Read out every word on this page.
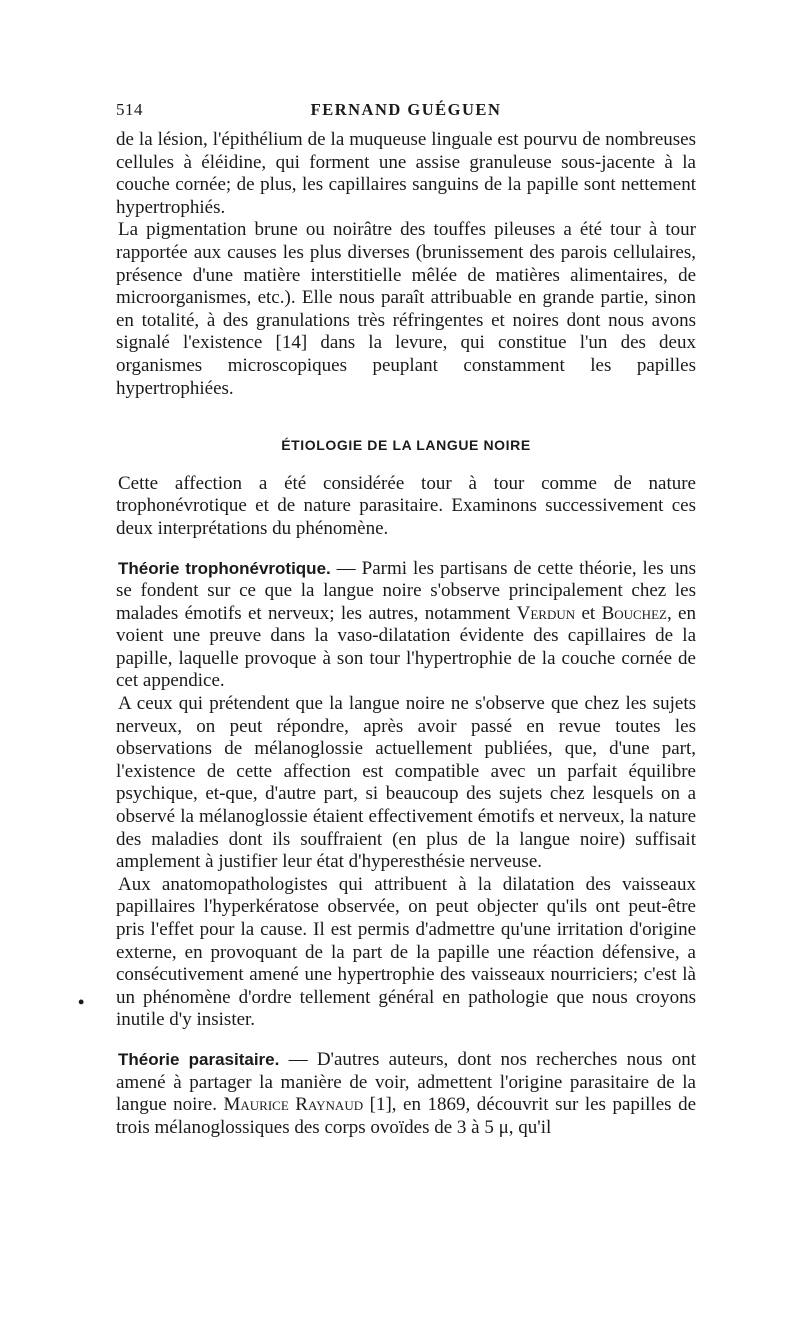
514	FERNAND GUÉGUEN

de la lésion, l'épithélium de la muqueuse linguale est pourvu de nombreuses cellules à éléidine, qui forment une assise granuleuse sous-jacente à la couche cornée; de plus, les capillaires sanguins de la papille sont nettement hypertrophiés.

La pigmentation brune ou noirâtre des touffes pileuses a été tour à tour rapportée aux causes les plus diverses (brunissement des parois cellulaires, présence d'une matière interstitielle mêlée de matières alimentaires, de microorganismes, etc.). Elle nous paraît attribuable en grande partie, sinon en totalité, à des granulations très réfringentes et noires dont nous avons signalé l'existence [14] dans la levure, qui constitue l'un des deux organismes microscopiques peuplant constamment les papilles hypertrophiées.

ÉTIOLOGIE DE LA LANGUE NOIRE

Cette affection a été considérée tour à tour comme de nature trophonévrotique et de nature parasitaire. Examinons successivement ces deux interprétations du phénomène.

Théorie trophonévrotique. — Parmi les partisans de cette théorie, les uns se fondent sur ce que la langue noire s'observe principalement chez les malades émotifs et nerveux; les autres, notamment Verdun et Bouchez, en voient une preuve dans la vaso-dilatation évidente des capillaires de la papille, laquelle provoque à son tour l'hypertrophie de la couche cornée de cet appendice.

A ceux qui prétendent que la langue noire ne s'observe que chez les sujets nerveux, on peut répondre, après avoir passé en revue toutes les observations de mélanoglossie actuellement publiées, que, d'une part, l'existence de cette affection est compatible avec un parfait équilibre psychique, et-que, d'autre part, si beaucoup des sujets chez lesquels on a observé la mélanoglossie étaient effectivement émotifs et nerveux, la nature des maladies dont ils souffraient (en plus de la langue noire) suffisait amplement à justifier leur état d'hyperesthésie nerveuse.

Aux anatomopathologistes qui attribuent à la dilatation des vaisseaux papillaires l'hyperkératose observée, on peut objecter qu'ils ont peut-être pris l'effet pour la cause. Il est permis d'admettre qu'une irritation d'origine externe, en provoquant de la part de la papille une réaction défensive, a consécutivement amené une hypertrophie des vaisseaux nourriciers; c'est là un phénomène d'ordre tellement général en pathologie que nous croyons inutile d'y insister.

Théorie parasitaire. — D'autres auteurs, dont nos recherches nous ont amené à partager la manière de voir, admettent l'origine parasitaire de la langue noire. Maurice Raynaud [1], en 1869, découvrit sur les papilles de trois mélanoglossiques des corps ovoïdes de 3 à 5 μ, qu'il

•
